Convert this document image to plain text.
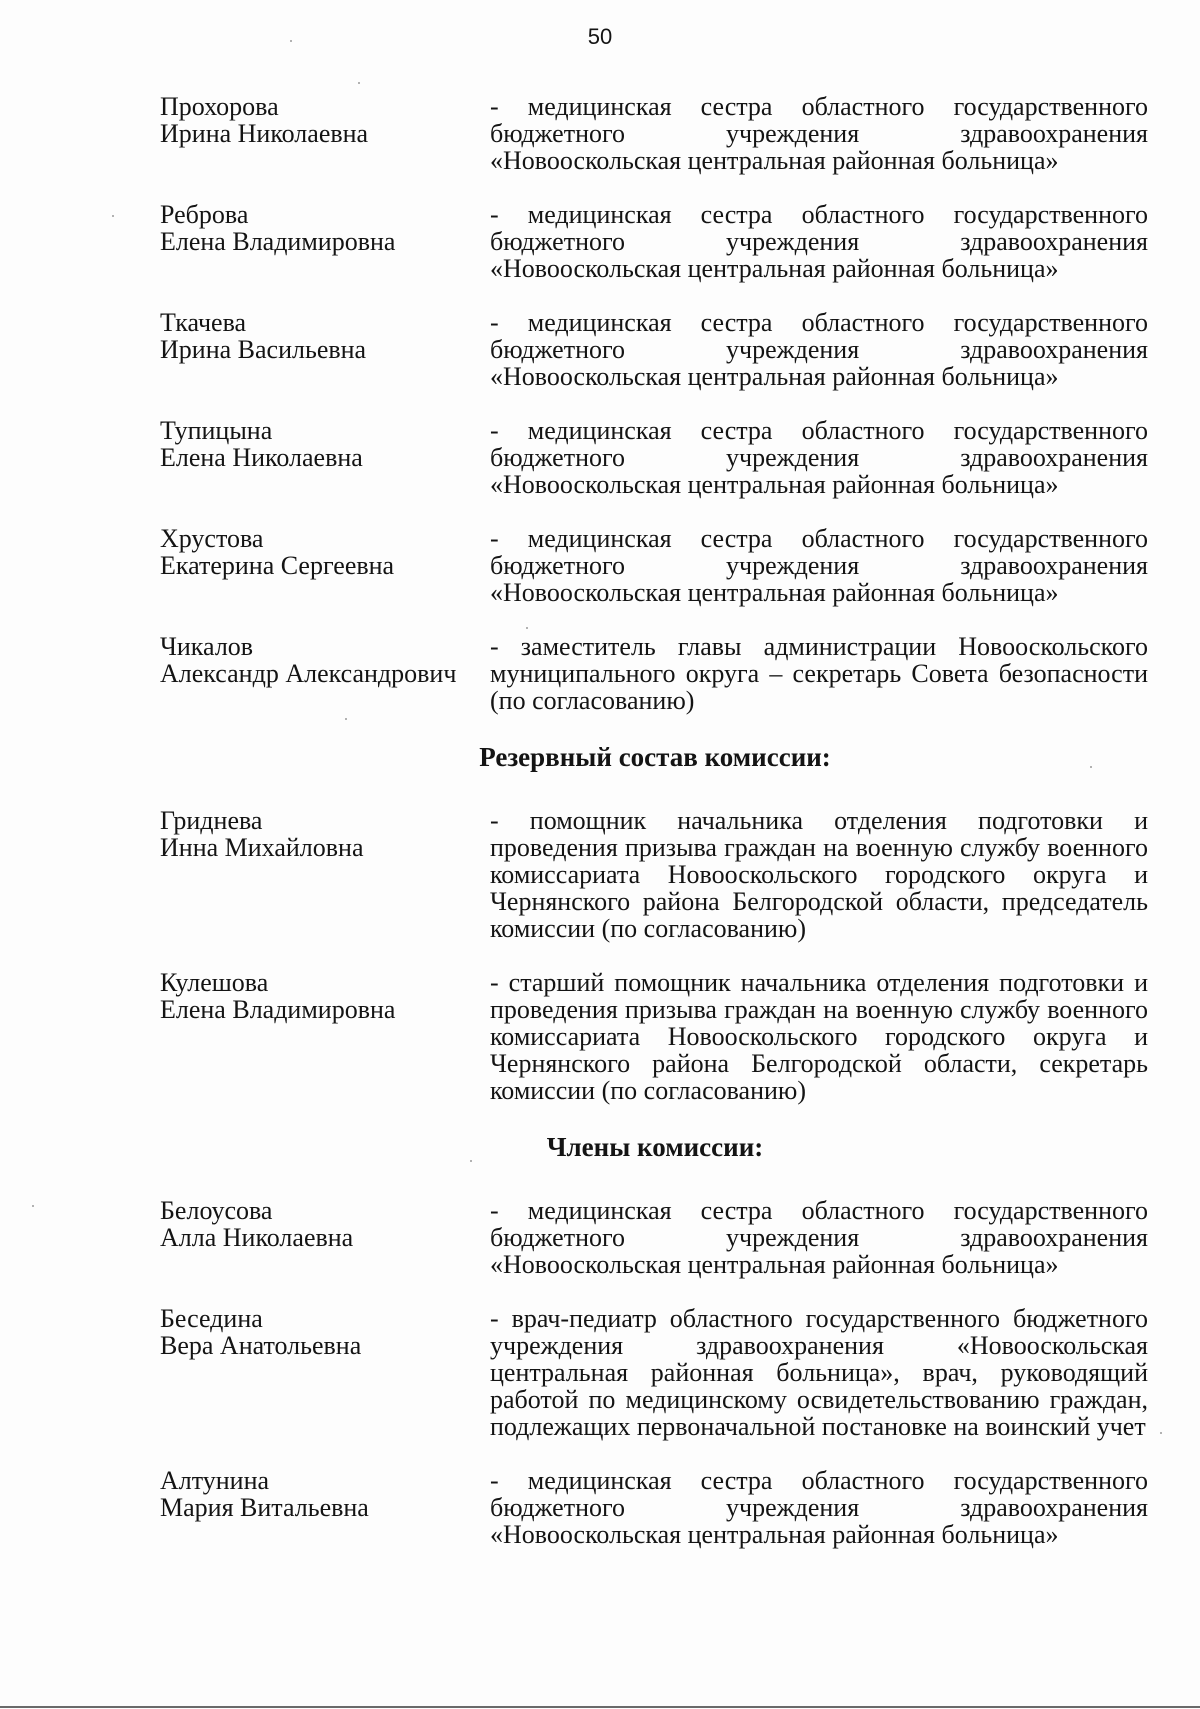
50
Прохорова
Ирина Николаевна
- медицинская сестра областного государственного бюджетного учреждения здравоохранения «Новооскольская центральная районная больница»
Реброва
Елена Владимировна
- медицинская сестра областного государственного бюджетного учреждения здравоохранения «Новооскольская центральная районная больница»
Ткачева
Ирина Васильевна
- медицинская сестра областного государственного бюджетного учреждения здравоохранения «Новооскольская центральная районная больница»
Тупицына
Елена Николаевна
- медицинская сестра областного государственного бюджетного учреждения здравоохранения «Новооскольская центральная районная больница»
Хрустова
Екатерина Сергеевна
- медицинская сестра областного государственного бюджетного учреждения здравоохранения «Новооскольская центральная районная больница»
Чикалов
Александр Александрович
- заместитель главы администрации Новооскольского муниципального округа – секретарь Совета безопасности (по согласованию)
Резервный состав комиссии:
Гриднева
Инна Михайловна
- помощник начальника отделения подготовки и проведения призыва граждан на военную службу военного комиссариата Новооскольского городского округа и Чернянского района Белгородской области, председатель комиссии (по согласованию)
Кулешова
Елена Владимировна
- старший помощник начальника отделения подготовки и проведения призыва граждан на военную службу военного комиссариата Новооскольского городского округа и Чернянского района Белгородской области, секретарь комиссии (по согласованию)
Члены комиссии:
Белоусова
Алла Николаевна
- медицинская сестра областного государственного бюджетного учреждения здравоохранения «Новооскольская центральная районная больница»
Беседина
Вера Анатольевна
- врач-педиатр областного государственного бюджетного учреждения здравоохранения «Новооскольская центральная районная больница», врач, руководящий работой по медицинскому освидетельствованию граждан, подлежащих первоначальной постановке на воинский учет
Алтунина
Мария Витальевна
- медицинская сестра областного государственного бюджетного учреждения здравоохранения «Новооскольская центральная районная больница»
